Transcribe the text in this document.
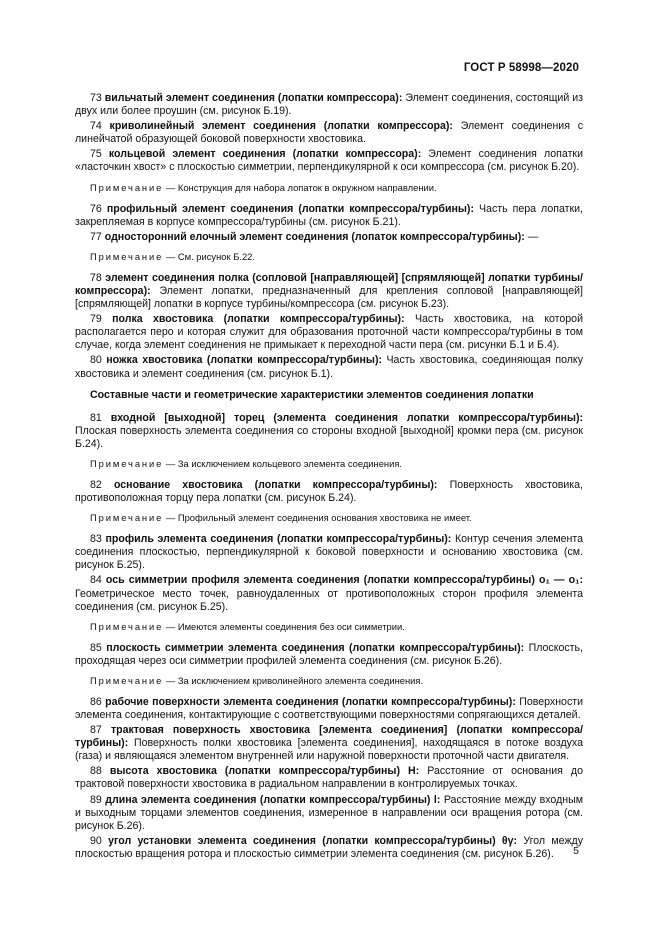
ГОСТ Р 58998—2020

73 вильчатый элемент соединения (лопатки компрессора): Элемент соединения, состоящий из двух или более проушин (см. рисунок Б.19).

74 криволинейный элемент соединения (лопатки компрессора): Элемент соединения с линейчатой образующей боковой поверхности хвостовика.

75 кольцевой элемент соединения (лопатки компрессора): Элемент соединения лопатки «ласточкин хвост» с плоскостью симметрии, перпендикулярной к оси компрессора (см. рисунок Б.20).

Примечание — Конструкция для набора лопаток в окружном направлении.

76 профильный элемент соединения (лопатки компрессора/турбины): Часть пера лопатки, закрепляемая в корпусе компрессора/турбины (см. рисунок Б.21).

77 односторонний елочный элемент соединения (лопаток компрессора/турбины): —

Примечание — См. рисунок Б.22.

78 элемент соединения полка (сопловой [направляющей] [спрямляющей] лопатки турбины/компрессора): Элемент лопатки, предназначенный для крепления сопловой [направляющей] [спрямляющей] лопатки в корпусе турбины/компрессора (см. рисунок Б.23).

79 полка хвостовика (лопатки компрессора/турбины): Часть хвостовика, на которой располагается перо и которая служит для образования проточной части компрессора/турбины в том случае, когда элемент соединения не примыкает к переходной части пера (см. рисунки Б.1 и Б.4).

80 ножка хвостовика (лопатки компрессора/турбины): Часть хвостовика, соединяющая полку хвостовика и элемент соединения (см. рисунок Б.1).

Составные части и геометрические характеристики элементов соединения лопатки

81 входной [выходной] торец (элемента соединения лопатки компрессора/турбины): Плоская поверхность элемента соединения со стороны входной [выходной] кромки пера (см. рисунок Б.24).

Примечание — За исключением кольцевого элемента соединения.

82 основание хвостовика (лопатки компрессора/турбины): Поверхность хвостовика, противоположная торцу пера лопатки (см. рисунок Б.24).

Примечание — Профильный элемент соединения основания хвостовика не имеет.

83 профиль элемента соединения (лопатки компрессора/турбины): Контур сечения элемента соединения плоскостью, перпендикулярной к боковой поверхности и основанию хвостовика (см. рисунок Б.25).

84 ось симметрии профиля элемента соединения (лопатки компрессора/турбины) o₁ — o₁: Геометрическое место точек, равноудаленных от противоположных сторон профиля элемента соединения (см. рисунок Б.25).

Примечание — Имеются элементы соединения без оси симметрии.

85 плоскость симметрии элемента соединения (лопатки компрессора/турбины): Плоскость, проходящая через оси симметрии профилей элемента соединения (см. рисунок Б.26).

Примечание — За исключением криволинейного элемента соединения.

86 рабочие поверхности элемента соединения (лопатки компрессора/турбины): Поверхности элемента соединения, контактирующие с соответствующими поверхностями сопрягающихся деталей.

87 трактовая поверхность хвостовика [элемента соединения] (лопатки компрессора/турбины): Поверхность полки хвостовика [элемента соединения], находящаяся в потоке воздуха (газа) и являющаяся элементом внутренней или наружной поверхности проточной части двигателя.

88 высота хвостовика (лопатки компрессора/турбины) H: Расстояние от основания до трактовой поверхности хвостовика в радиальном направлении в контролируемых точках.

89 длина элемента соединения (лопатки компрессора/турбины) l: Расстояние между входным и выходным торцами элементов соединения, измеренное в направлении оси вращения ротора (см. рисунок Б.26).

90 угол установки элемента соединения (лопатки компрессора/турбины) θγ: Угол между плоскостью вращения ротора и плоскостью симметрии элемента соединения (см. рисунок Б.26).	5
